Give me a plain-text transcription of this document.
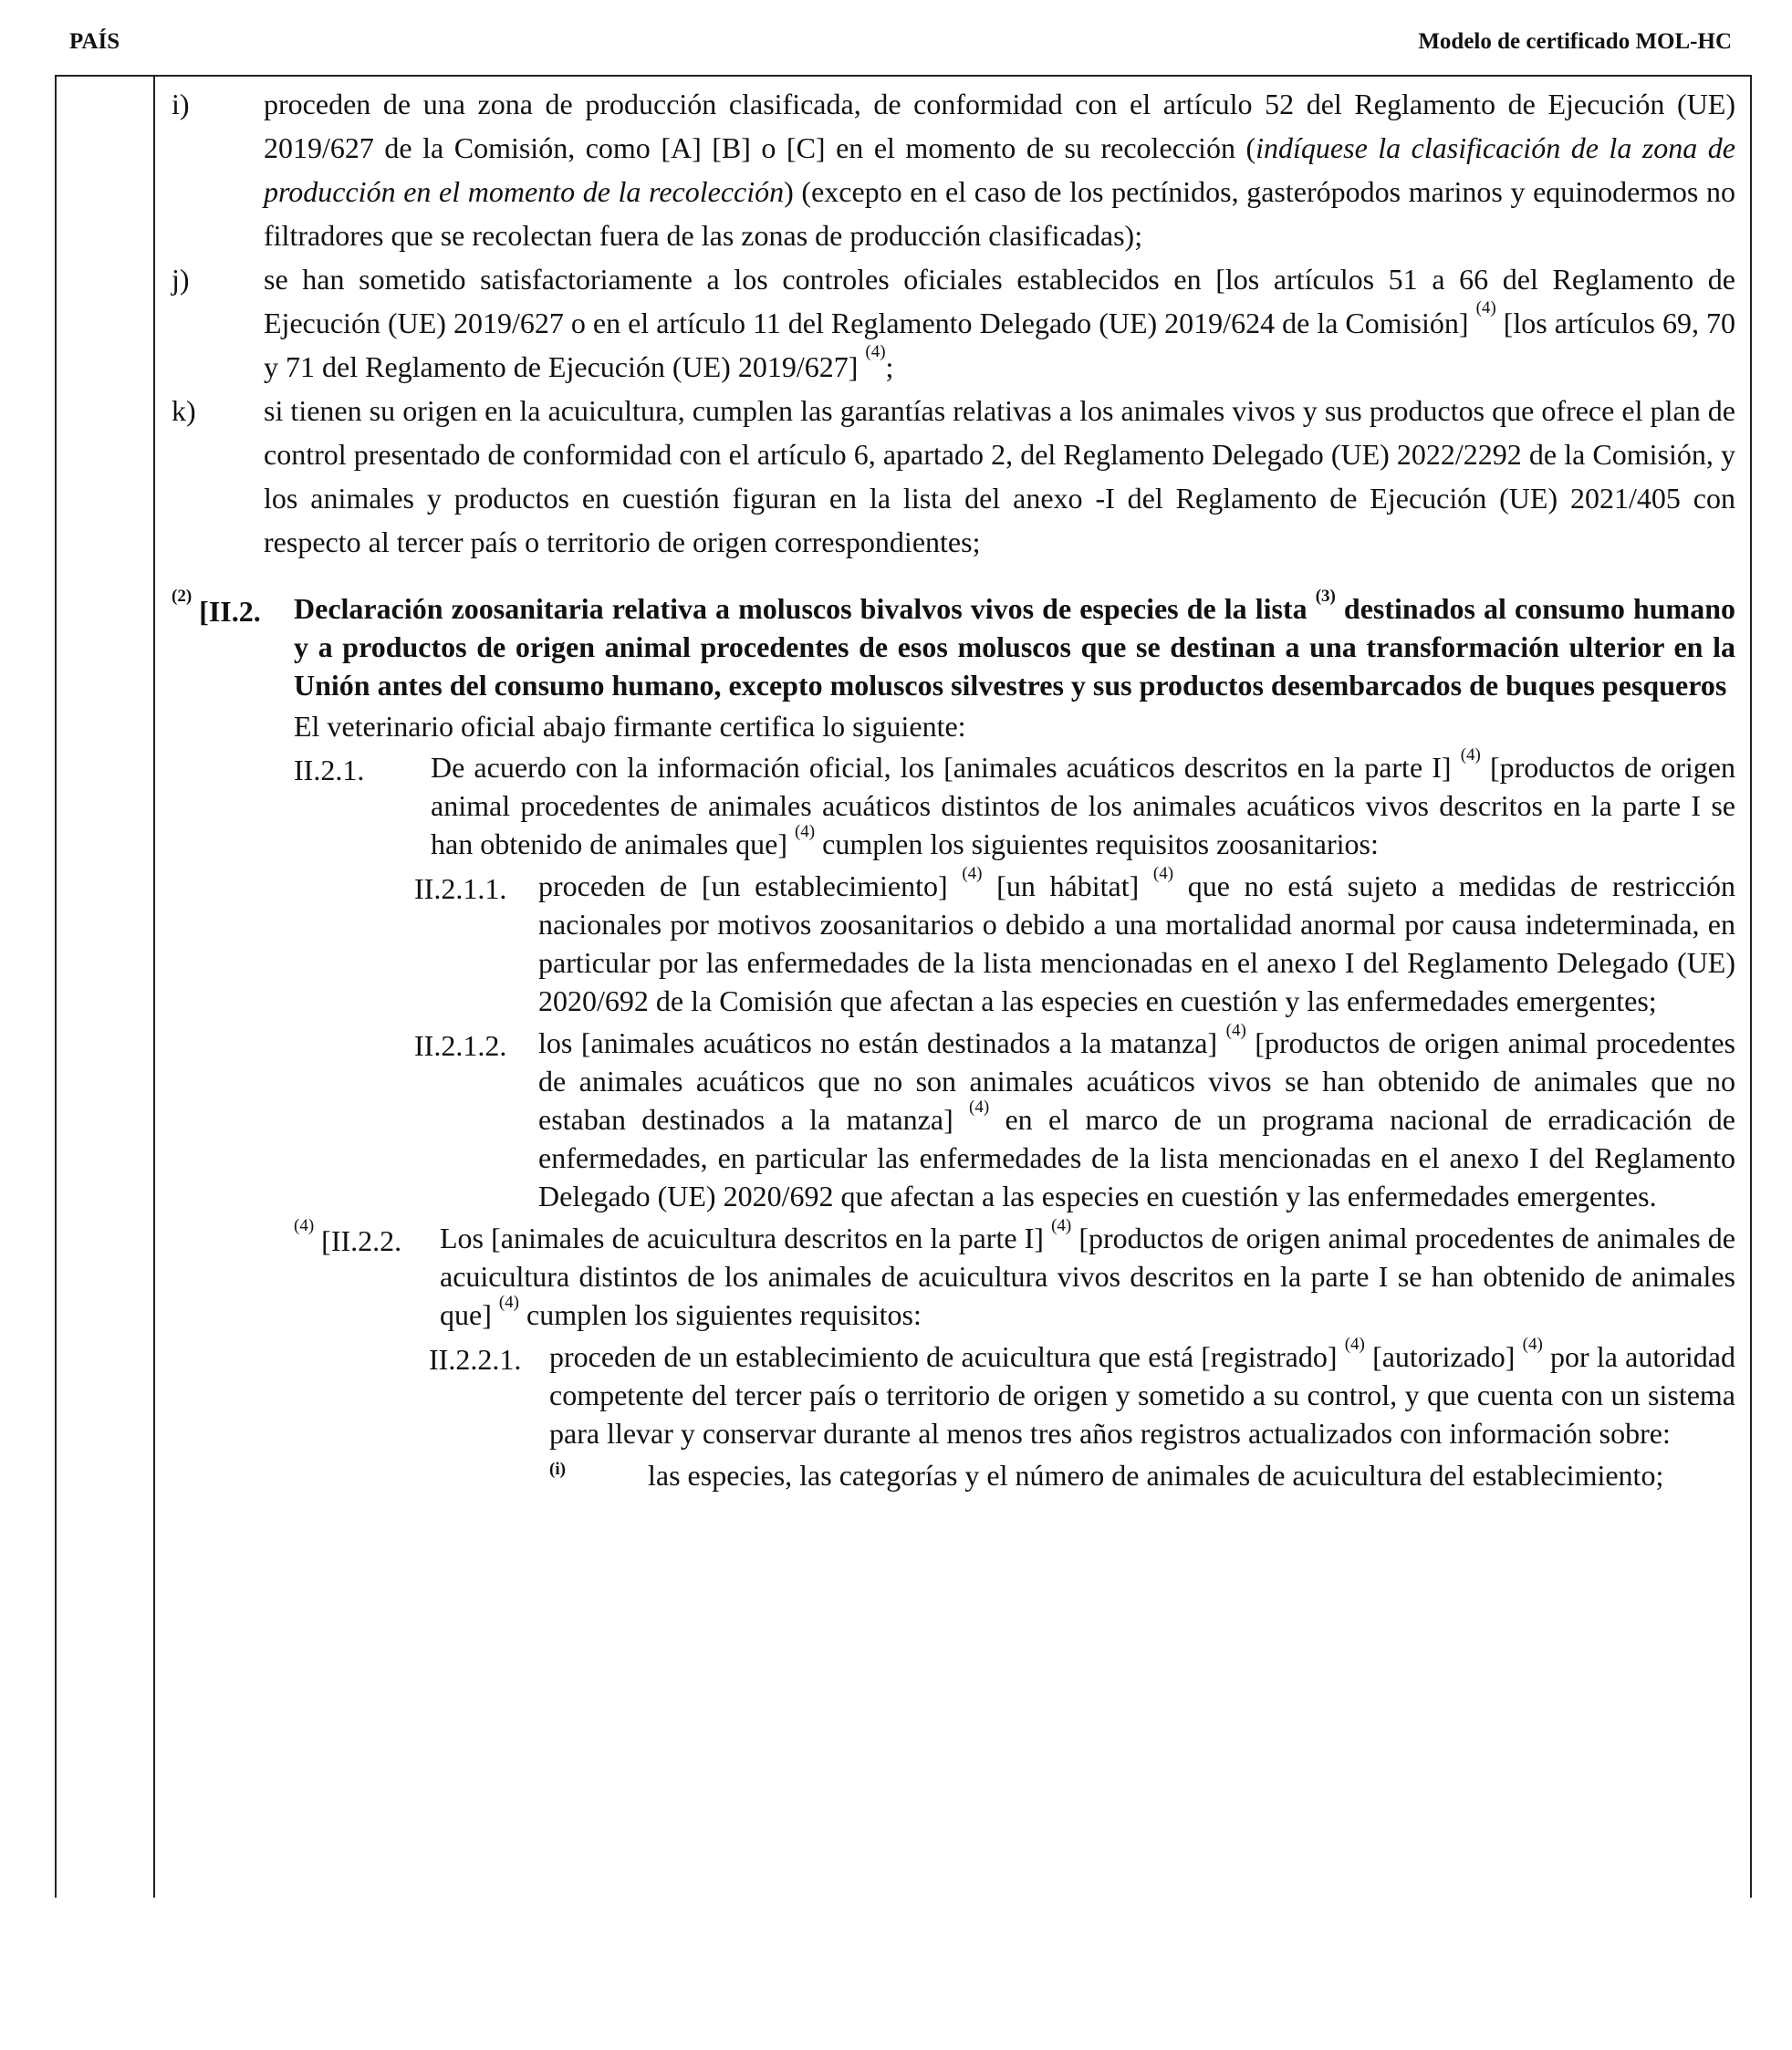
PAÍS	Modelo de certificado MOL-HC
i)	proceden de una zona de producción clasificada, de conformidad con el artículo 52 del Reglamento de Ejecución (UE) 2019/627 de la Comisión, como [A] [B] o [C] en el momento de su recolección (indíquese la clasificación de la zona de producción en el momento de la recolección) (excepto en el caso de los pectínidos, gasterópodos marinos y equinodermos no filtradores que se recolectan fuera de las zonas de producción clasificadas);
j)	se han sometido satisfactoriamente a los controles oficiales establecidos en [los artículos 51 a 66 del Reglamento de Ejecución (UE) 2019/627 o en el artículo 11 del Reglamento Delegado (UE) 2019/624 de la Comisión] $^{(4)}$ [los artículos 69, 70 y 71 del Reglamento de Ejecución (UE) 2019/627] $^{(4)}$;
k) si tienen su origen en la acuicultura, cumplen las garantías relativas a los animales vivos y sus productos que ofrece el plan de control presentado de conformidad con el artículo 6, apartado 2, del Reglamento Delegado (UE) 2022/2292 de la Comisión, y los animales y productos en cuestión figuran en la lista del anexo -I del Reglamento de Ejecución (UE) 2021/405 con respecto al tercer país o territorio de origen correspondientes;
$^{(2)}$ [II.2. Declaración zoosanitaria relativa a moluscos bivalvos vivos de especies de la lista $^{(3)}$ destinados al consumo humano y a productos de origen animal procedentes de esos moluscos que se destinan a una transformación ulterior en la Unión antes del consumo humano, excepto moluscos silvestres y sus productos desembarcados de buques pesqueros
El veterinario oficial abajo firmante certifica lo siguiente:
II.2.1. De acuerdo con la información oficial, los [animales acuáticos descritos en la parte I] $^{(4)}$ [productos de origen animal procedentes de animales acuáticos distintos de los animales acuáticos vivos descritos en la parte I se han obtenido de animales que] $^{(4)}$ cumplen los siguientes requisitos zoosanitarios:
II.2.1.1. proceden de [un establecimiento] $^{(4)}$ [un hábitat] $^{(4)}$ que no está sujeto a medidas de restricción nacionales por motivos zoosanitarios o debido a una mortalidad anormal por causa indeterminada, en particular por las enfermedades de la lista mencionadas en el anexo I del Reglamento Delegado (UE) 2020/692 de la Comisión que afectan a las especies en cuestión y las enfermedades emergentes;
II.2.1.2. los [animales acuáticos no están destinados a la matanza] $^{(4)}$ [productos de origen animal procedentes de animales acuáticos que no son animales acuáticos vivos se han obtenido de animales que no estaban destinados a la matanza] $^{(4)}$ en el marco de un programa nacional de erradicación de enfermedades, en particular las enfermedades de la lista mencionadas en el anexo I del Reglamento Delegado (UE) 2020/692 que afectan a las especies en cuestión y las enfermedades emergentes.
$^{(4)}$ [II.2.2. Los [animales de acuicultura descritos en la parte I] $^{(4)}$ [productos de origen animal procedentes de animales de acuicultura distintos de los animales de acuicultura vivos descritos en la parte I se han obtenido de animales que] $^{(4)}$ cumplen los siguientes requisitos:
II.2.2.1. proceden de un establecimiento de acuicultura que está [registrado] $^{(4)}$ [autorizado] $^{(4)}$ por la autoridad competente del tercer país o territorio de origen y sometido a su control, y que cuenta con un sistema para llevar y conservar durante al menos tres años registros actualizados con información sobre:
(i)	las especies, las categorías y el número de animales de acuicultura del establecimiento;
